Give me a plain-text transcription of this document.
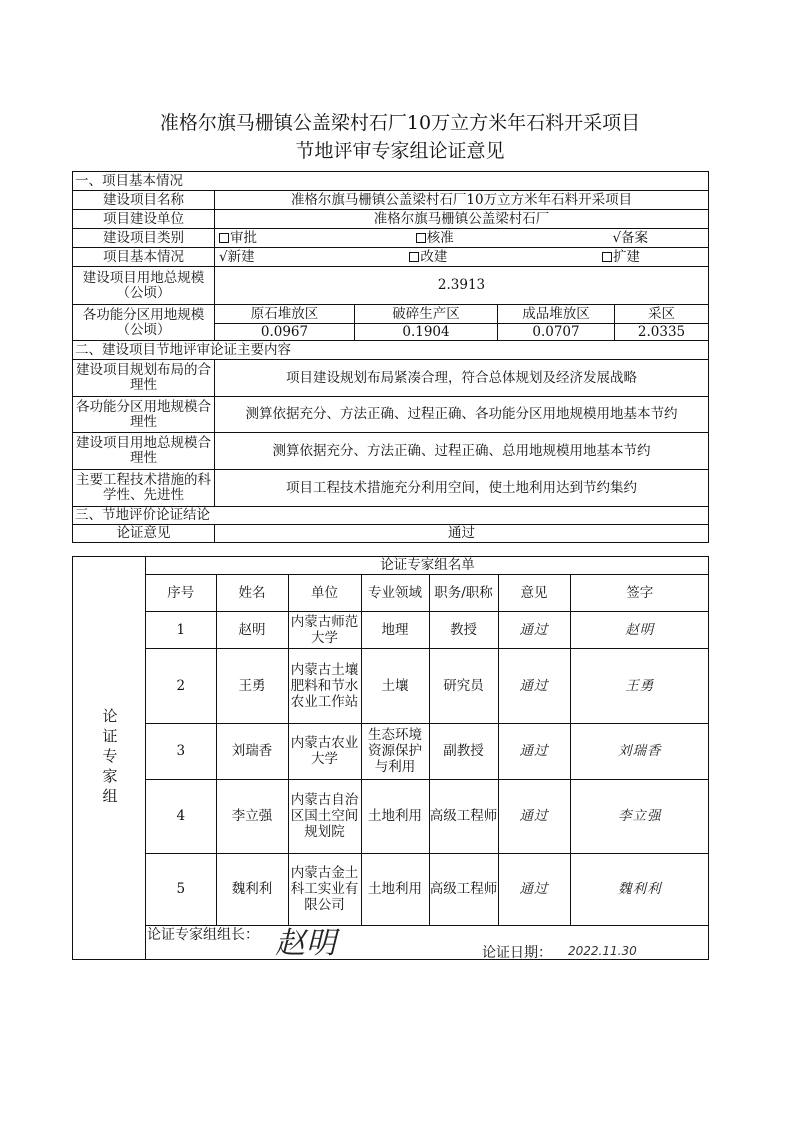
准格尔旗马栅镇公盖梁村石厂10万立方米年石料开采项目
节地评审专家组论证意见
一、项目基本情况				
建设项目名称	准格尔旗马栅镇公盖梁村石厂10万立方米年石料开采项目			
项目建设单位	准格尔旗马栅镇公盖梁村石厂			
建设项目类别	审批 核准 √备案			

项目基本情况	√新建 改建 扩建			

建设项目用地总规模（公顷）	2.3913			
各功能分区用地规模（公顷）	原石堆放区	破碎生产区	成品堆放区	采区
	0.0967	0.1904	0.0707	2.0335
二、建设项目节地评审论证主要内容				
建设项目规划布局的合理性	项目建设规划布局紧凑合理，符合总体规划及经济发展战略			
各功能分区用地规模合理性	测算依据充分、方法正确、过程正确、各功能分区用地规模用地基本节约			
建设项目用地总规模合理性	测算依据充分、方法正确、过程正确、总用地规模用地基本节约			
主要工程技术措施的科学性、先进性	项目工程技术措施充分利用空间，使土地利用达到节约集约			
三、节地评价论证结论				
论证意见	通过			
论证专家组	
论证专家组名单
序号	姓名	单位	专业领域	职务/职称	意见	签字
1	赵明	内蒙古师范大学	地理	教授	通过	赵明
2	王勇	内蒙古土壤肥料和节水农业工作站	土壤	研究员	通过	王勇
3	刘瑞香	内蒙古农业大学	生态环境资源保护与利用	副教授	通过	刘瑞香
4	李立强	内蒙古自治区国土空间规划院	土地利用	高级工程师	通过	李立强
5	魏利利	内蒙古金土科工实业有限公司	土地利用	高级工程师	通过	魏利利
论证专家组组长： 赵明	论证日期： 2022.11.30
